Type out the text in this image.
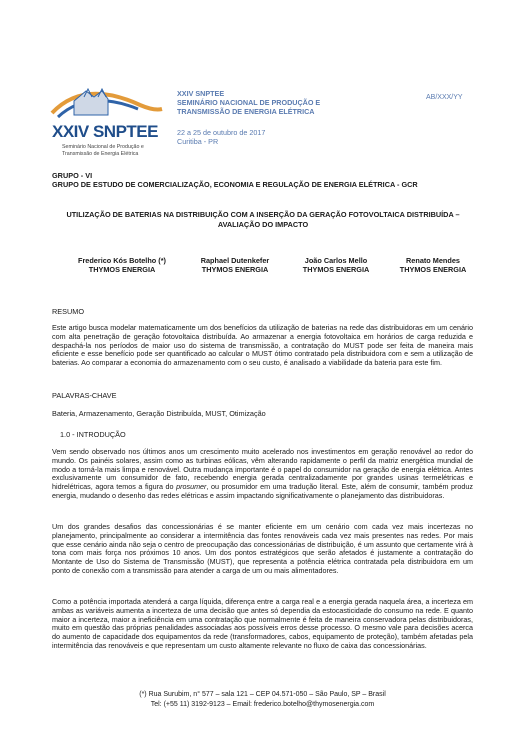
XXIV SNPTEE
Seminário Nacional de Produção e Transmissão de Energia Elétrica
XXIV SNPTEE
SEMINÁRIO NACIONAL DE PRODUÇÃO E
TRANSMISSÃO DE ENERGIA ELÉTRICA
22 a 25 de outubro de 2017
Curitiba - PR
AB/XXX/YY
GRUPO - VI
GRUPO DE ESTUDO DE COMERCIALIZAÇÃO, ECONOMIA E REGULAÇÃO DE ENERGIA ELÉTRICA - GCR
UTILIZAÇÃO DE BATERIAS NA DISTRIBUIÇÃO COM A INSERÇÃO DA GERAÇÃO FOTOVOLTAICA DISTRIBUÍDA – AVALIAÇÃO DO IMPACTO
Frederico Kós Botelho (*)
THYMOS ENERGIA
Raphael Dutenkefer
THYMOS ENERGIA
João Carlos Mello
THYMOS ENERGIA
Renato Mendes
THYMOS ENERGIA
RESUMO
Este artigo busca modelar matematicamente um dos benefícios da utilização de baterias na rede das distribuidoras em um cenário com alta penetração de geração fotovoltaica distribuída. Ao armazenar a energia fotovoltaica em horários de carga reduzida e despachá-la nos períodos de maior uso do sistema de transmissão, a contratação do MUST pode ser feita de maneira mais eficiente e esse benefício pode ser quantificado ao calcular o MUST ótimo contratado pela distribuidora com e sem a utilização de baterias. Ao comparar a economia do armazenamento com o seu custo, é analisado a viabilidade da bateria para este fim.
PALAVRAS-CHAVE
Bateria, Armazenamento, Geração Distribuída, MUST, Otimização
1.0 - INTRODUÇÃO
Vem sendo observado nos últimos anos um crescimento muito acelerado nos investimentos em geração renovável ao redor do mundo. Os painéis solares, assim como as turbinas eólicas, vêm alterando rapidamente o perfil da matriz energética mundial de modo a torná-la mais limpa e renovável. Outra mudança importante é o papel do consumidor na geração de energia elétrica. Antes exclusivamente um consumidor de fato, recebendo energia gerada centralizadamente por grandes usinas termelétricas e hidrelétricas, agora temos a figura do prosumer, ou prosumidor em uma tradução literal. Este, além de consumir, também produz energia, mudando o desenho das redes elétricas e assim impactando significativamente o planejamento das distribuidoras.
Um dos grandes desafios das concessionárias é se manter eficiente em um cenário com cada vez mais incertezas no planejamento, principalmente ao considerar a intermitência das fontes renováveis cada vez mais presentes nas redes. Por mais que esse cenário ainda não seja o centro de preocupação das concessionárias de distribuição, é um assunto que certamente virá à tona com mais força nos próximos 10 anos. Um dos pontos estratégicos que serão afetados é justamente a contratação do Montante de Uso do Sistema de Transmissão (MUST), que representa a potência elétrica contratada pela distribuidora em um ponto de conexão com a transmissão para atender a carga de um ou mais alimentadores.
Como a potência importada atenderá a carga líquida, diferença entre a carga real e a energia gerada naquela área, a incerteza em ambas as variáveis aumenta a incerteza de uma decisão que antes só dependia da estocasticidade do consumo na rede. E quanto maior a incerteza, maior a ineficiência em uma contratação que normalmente é feita de maneira conservadora pelas distribuidoras, muito em questão das próprias penalidades associadas aos possíveis erros desse processo. O mesmo vale para decisões acerca do aumento de capacidade dos equipamentos da rede (transformadores, cabos, equipamento de proteção), também afetadas pela intermitência das renováveis e que representam um custo altamente relevante no fluxo de caixa das concessionárias.
(*) Rua Surubim, n° 577 – sala 121 – CEP 04.571-050 – São Paulo, SP – Brasil
Tel: (+55 11) 3192-9123 – Email: frederico.botelho@thymosenergia.com
